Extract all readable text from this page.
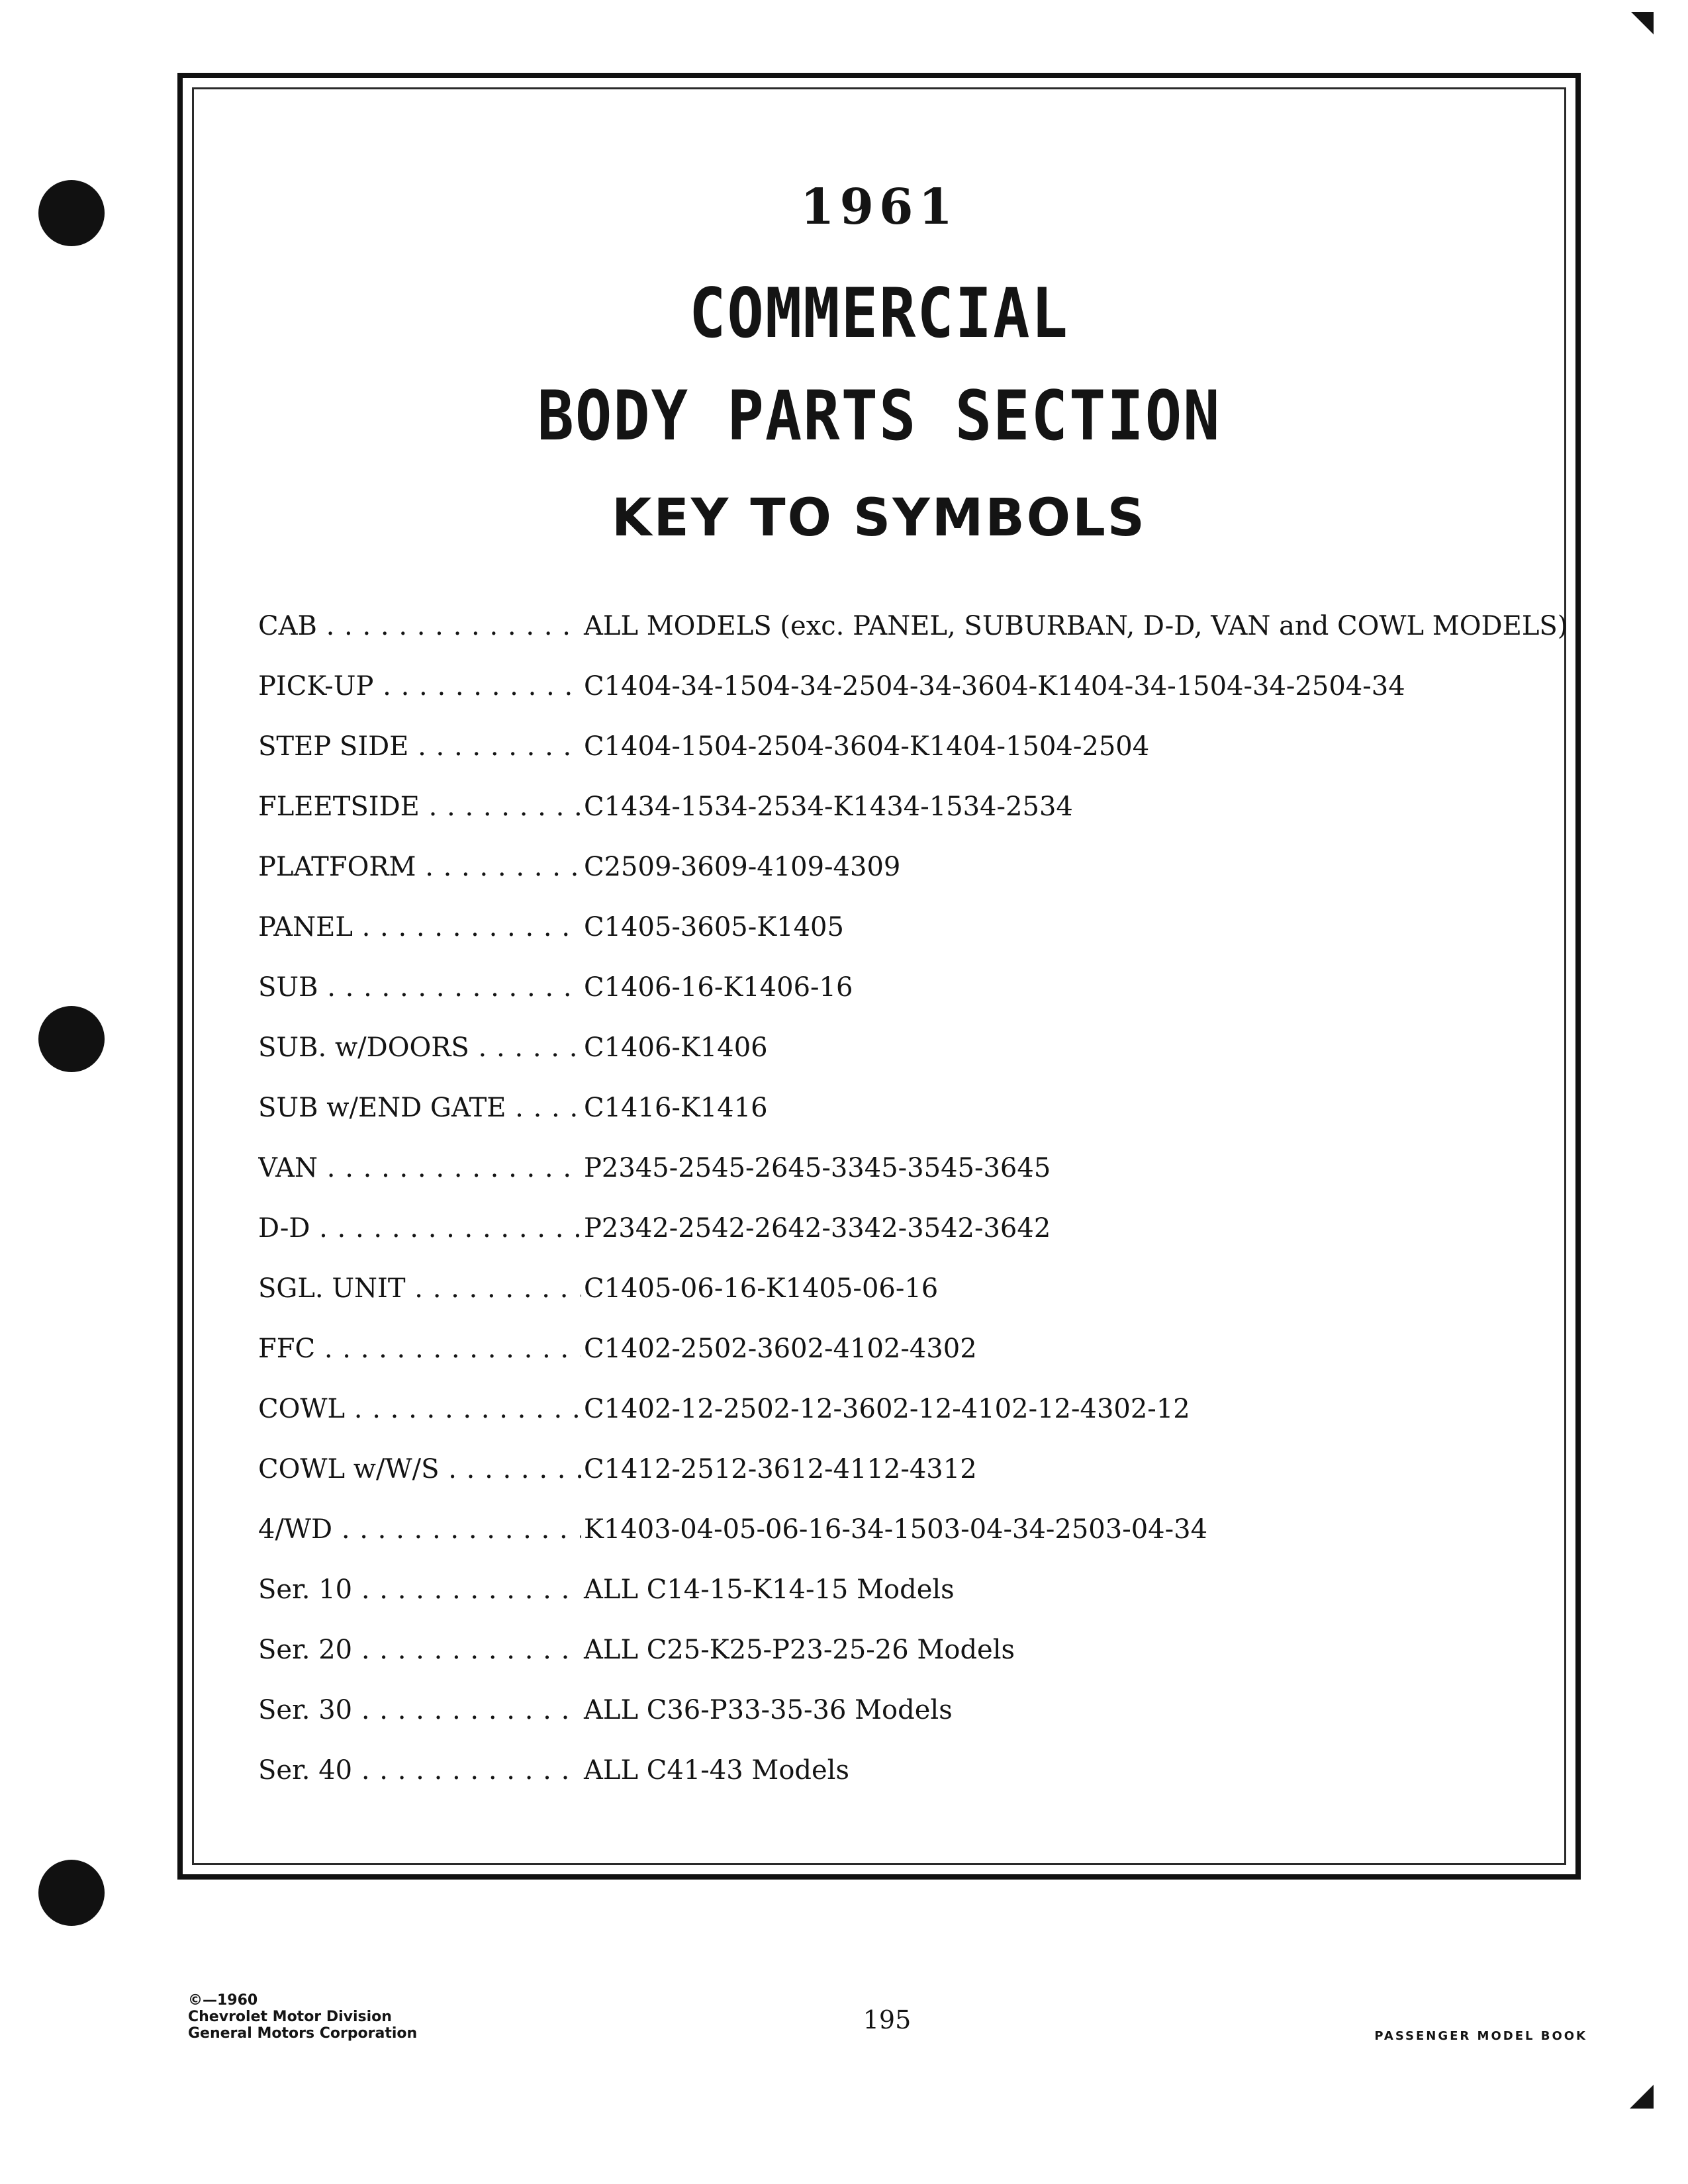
1961
COMMERCIAL
BODY PARTS SECTION
KEY TO SYMBOLS
CAB . . .	ALL MODELS (exc. PANEL, SUBURBAN, D-D, VAN and COWL MODELS)
PICK-UP . . .	C1404-34-1504-34-2504-34-3604-K1404-34-1504-34-2504-34
STEP SIDE . . .	C1404-1504-2504-3604-K1404-1504-2504
FLEETSIDE . . .	C1434-1534-2534-K1434-1534-2534
PLATFORM . . .	C2509-3609-4109-4309
PANEL . . .	C1405-3605-K1405
SUB . . .	C1406-16-K1406-16
SUB. w/DOORS . . .	C1406-K1406
SUB w/END GATE . . .	C1416-K1416
VAN . . .	P2345-2545-2645-3345-3545-3645
D-D . . .	P2342-2542-2642-3342-3542-3642
SGL. UNIT . . .	C1405-06-16-K1405-06-16
FFC . . .	C1402-2502-3602-4102-4302
COWL . . .	C1402-12-2502-12-3602-12-4102-12-4302-12
COWL w/W/S . . .	C1412-2512-3612-4112-4312
4/WD . . .	K1403-04-05-06-16-34-1503-04-34-2503-04-34
Ser. 10 . . .	ALL C14-15-K14-15 Models
Ser. 20 . . .	ALL C25-K25-P23-25-26 Models
Ser. 30 . . .	ALL C36-P33-35-36 Models
Ser. 40 . . .	ALL C41-43 Models
©—1960
Chevrolet Motor Division
General Motors Corporation	195
PASSENGER MODEL BOOK
